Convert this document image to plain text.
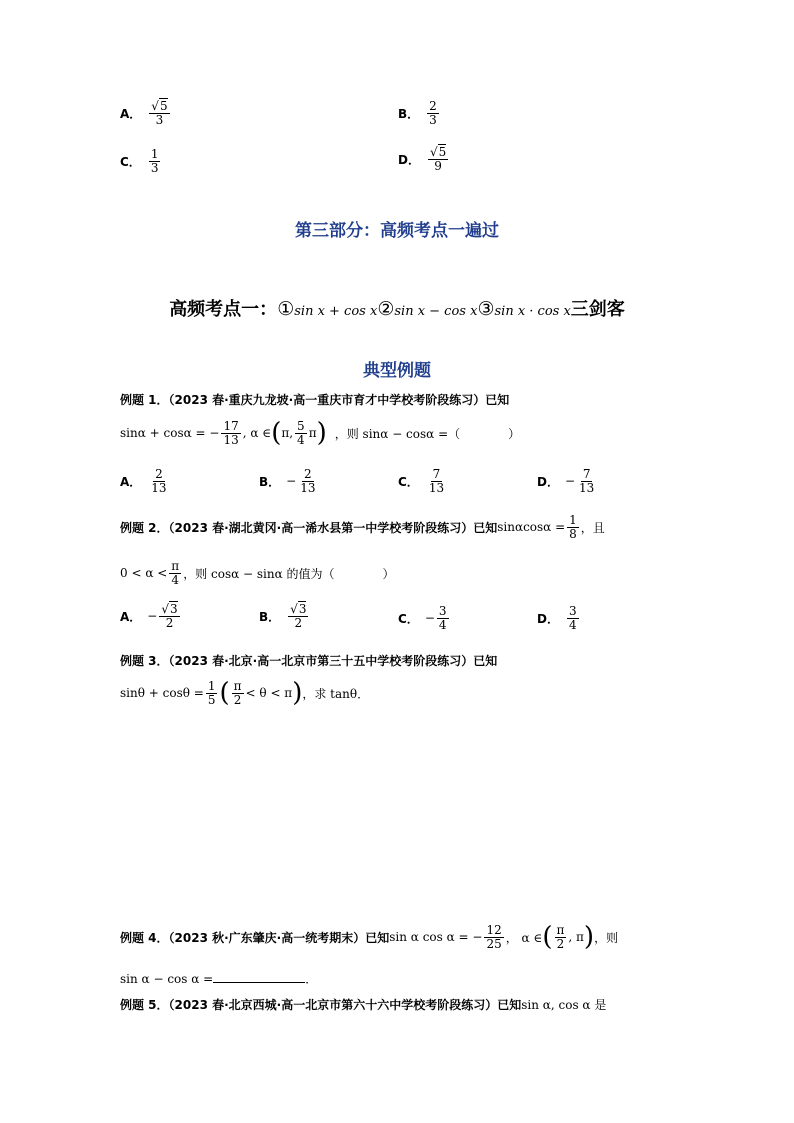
A． $\frac{√5}{3}$	B． $\frac{2}{3}$
C． $\frac{1}{3}$	D． $\frac{√5}{9}$
第三部分：高频考点一遍过
高频考点一：①sin x + cos x②sin x − cos x③sin x · cos x三剑客
典型例题
例题 1．（2023 春·重庆九龙坡·高一重庆市育才中学校考阶段练习）已知
sinα + cosα = − $\frac{17}{13}$ , α ∈ ( π, $\frac{5}{4}$ π ) ，则 sinα − cosα =（　　　　）
A． $\frac{2}{13}$	B． − $\frac{2}{13}$	C． $\frac{7}{13}$	D． − $\frac{7}{13}$
例题 2．（2023 春·湖北黄冈·高一浠水县第一中学校考阶段练习）已知 $\sin\alpha\cos\alpha = \frac{1}{8}$ ，且
$0 < \alpha < \frac{\pi}{4}$ ，则 cosα − sinα 的值为（　　　　）
A． − $\frac{√3}{2}$	B． $\frac{√3}{2}$	C． − $\frac{3}{4}$	D． $\frac{3}{4}$
例题 3．（2023 春·北京·高一北京市第三十五中学校考阶段练习）已知
$\sin\theta + \cos\theta = \frac{1}{5}$ ( $\frac{\pi}{2} < \theta < \pi$ ) ，求 tanθ．
例题 4．（2023 秋·广东肇庆·高一统考期末）已知 sin α cos α = − $\frac{12}{25}$ ， α ∈ ( $\frac{\pi}{2}$ , π ) ，则
sin α − cos α =	．
例题 5．（2023 春·北京西城·高一北京市第六十六中学校考阶段练习）已知sin α, cos α 是
